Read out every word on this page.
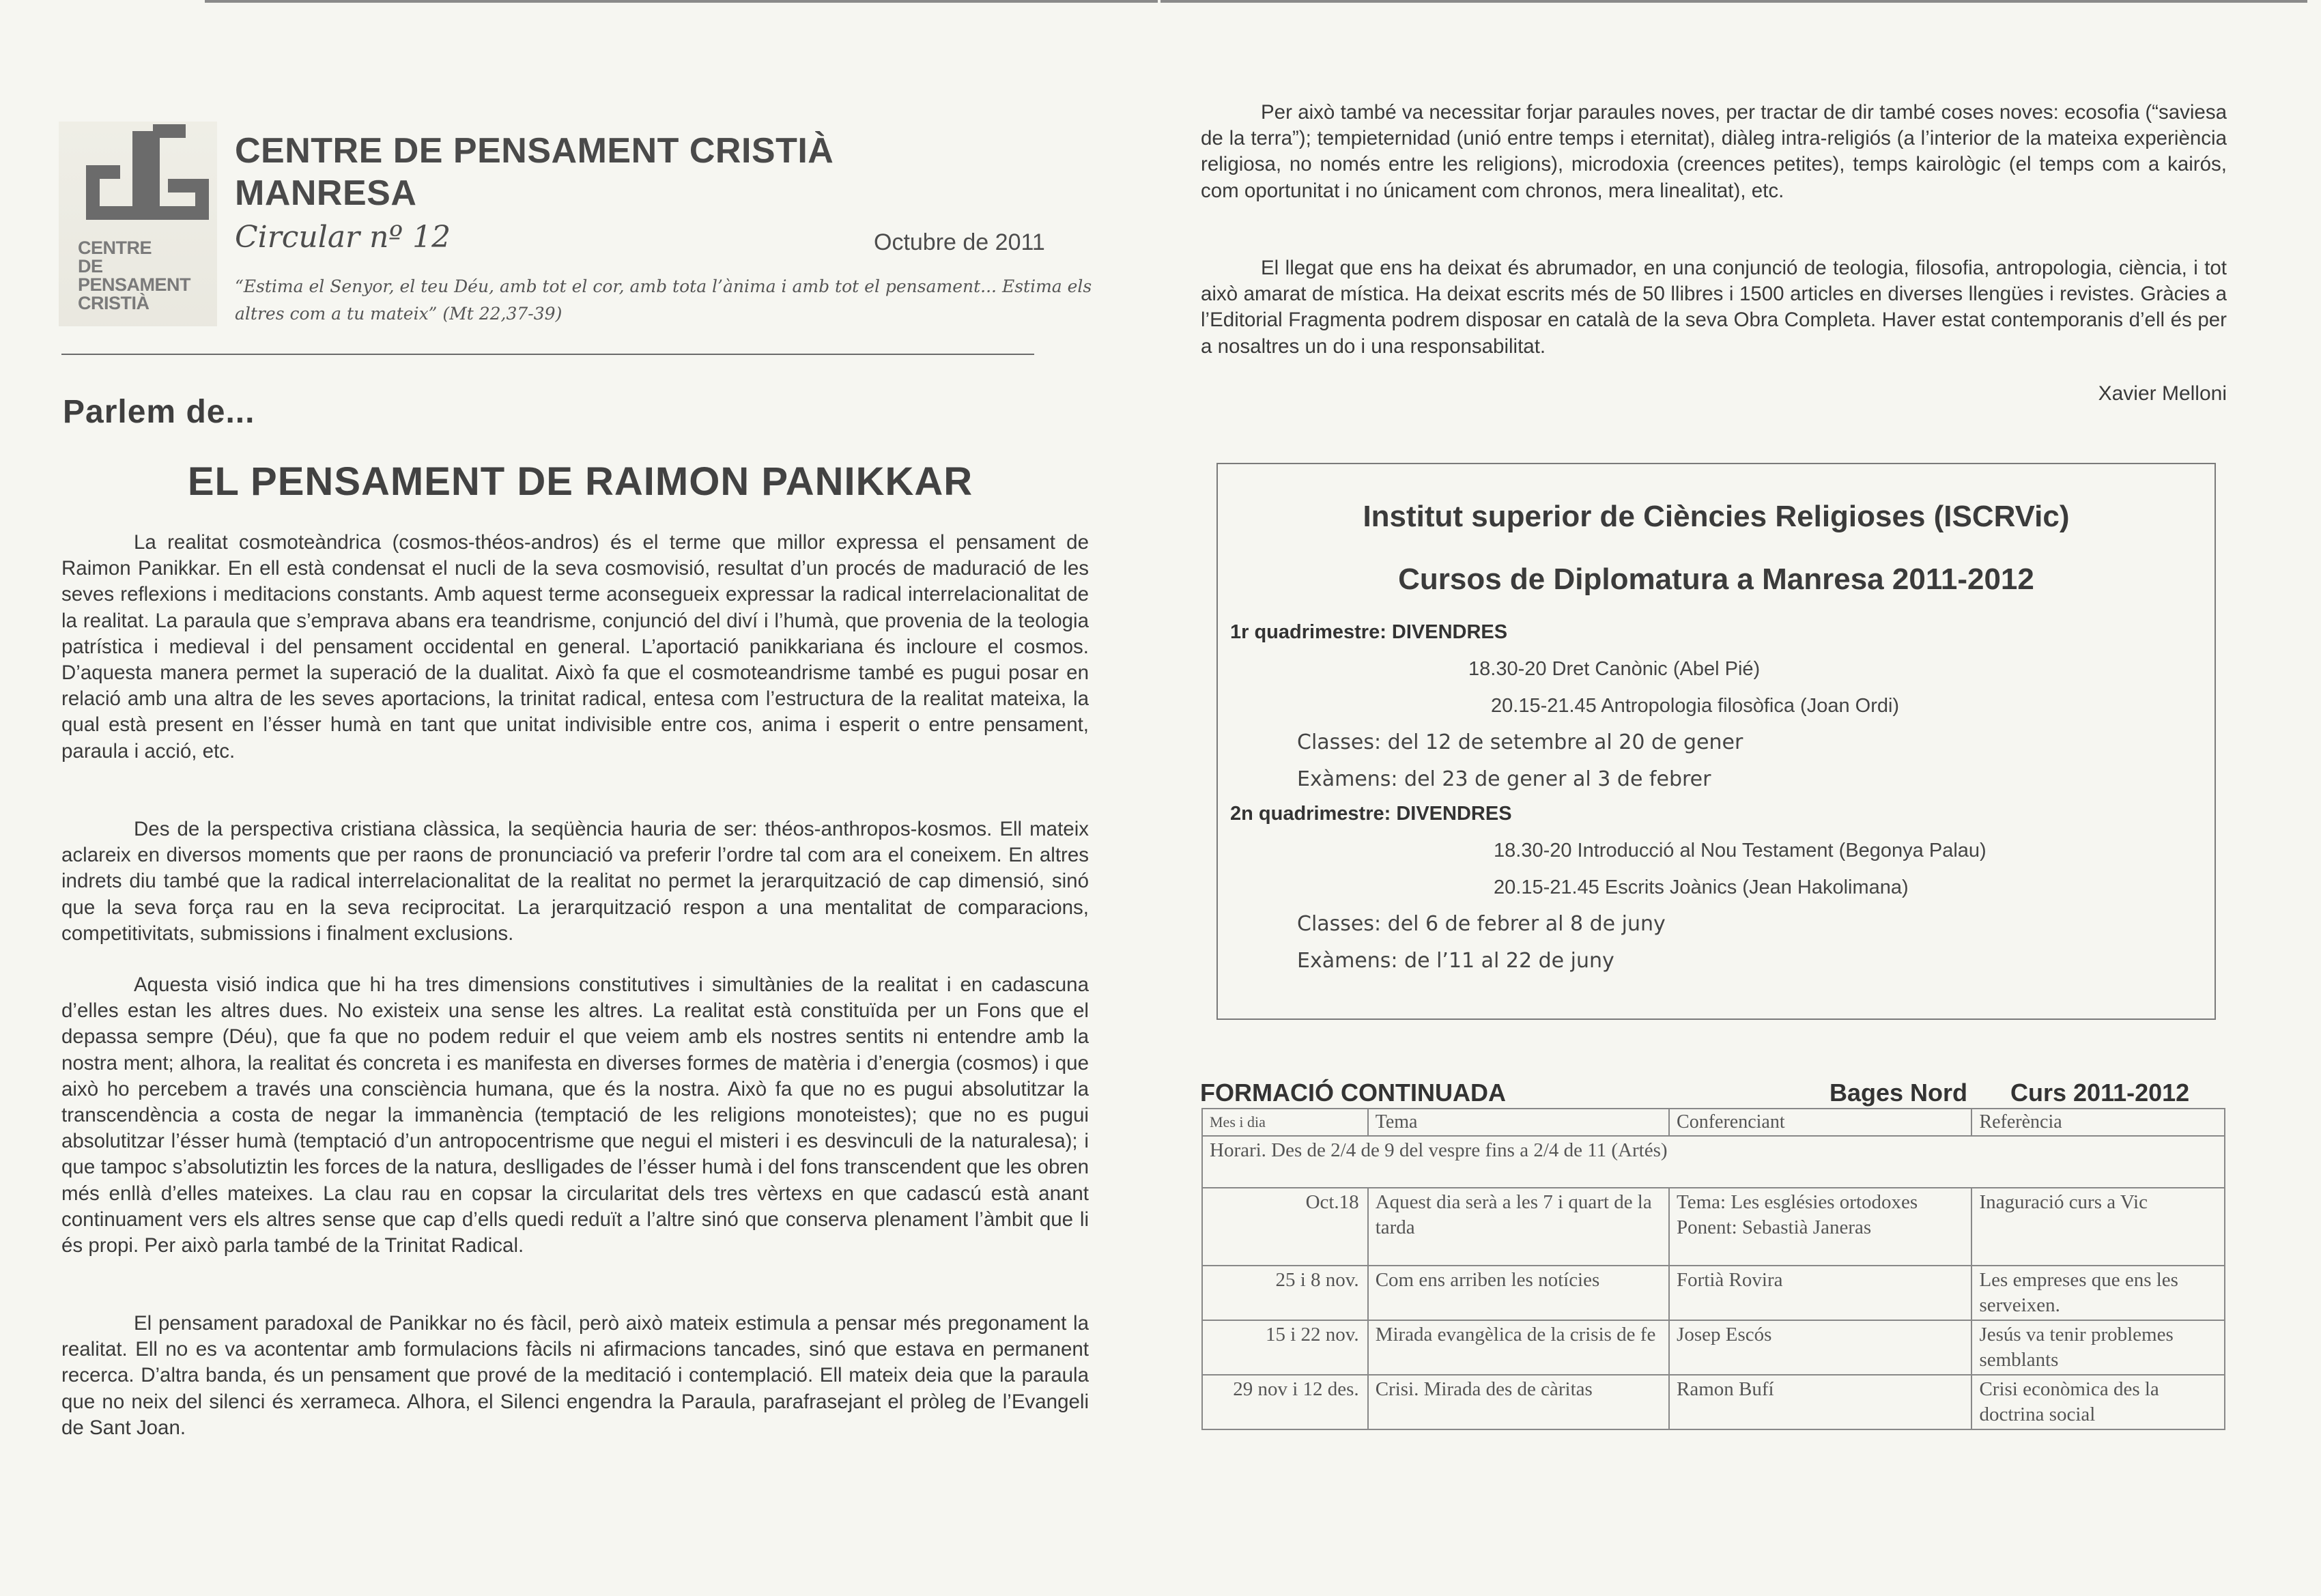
CENTRE
DE
PENSAMENT
CRISTIÀ
CENTRE DE PENSAMENT CRISTIÀ
MANRESA
Circular nº 12	Octubre de 2011
“Estima el Senyor, el teu Déu, amb tot el cor, amb tota l’ànima i amb tot el pensament... Estima els altres com a tu mateix” (Mt 22,37-39)
Parlem de...
EL PENSAMENT DE RAIMON PANIKKAR

La realitat cosmoteàndrica (cosmos-théos-andros) és el terme que millor expressa el pensament de Raimon Panikkar. En ell està condensat el nucli de la seva cosmovisió, resultat d’un procés de maduració de les seves reflexions i meditacions constants. Amb aquest terme aconsegueix expressar la radical interrelacionalitat de la realitat. La paraula que s’emprava abans era teandrisme, conjunció del diví i l’humà, que provenia de la teologia patrística i medieval i del pensament occidental en general. L’aportació panikkariana és incloure el cosmos. D’aquesta manera permet la superació de la dualitat. Això fa que el cosmoteandrisme també es pugui posar en relació amb una altra de les seves aportacions, la trinitat radical, entesa com l’estructura de la realitat mateixa, la qual està present en l’ésser humà en tant que unitat indivisible entre cos, anima i esperit o entre pensament, paraula i acció, etc.

Des de la perspectiva cristiana clàssica, la seqüència hauria de ser: théos-anthropos-kosmos. Ell mateix aclareix en diversos moments que per raons de pronunciació va preferir l’ordre tal com ara el coneixem. En altres indrets diu també que la radical interrelacionalitat de la realitat no permet la jerarquització de cap dimensió, sinó que la seva força rau en la seva reciprocitat. La jerarquització respon a una mentalitat de comparacions, competitivitats, submissions i finalment exclusions.

Aquesta visió indica que hi ha tres dimensions constitutives i simultànies de la realitat i en cadascuna d’elles estan les altres dues. No existeix una sense les altres. La realitat està constituïda per un Fons que el depassa sempre (Déu), que fa que no podem reduir el que veiem amb els nostres sentits ni entendre amb la nostra ment; alhora, la realitat és concreta i es manifesta en diverses formes de matèria i d’energia (cosmos) i que això ho percebem a través una consciència humana, que és la nostra. Això fa que no es pugui absolutitzar la transcendència a costa de negar la immanència (temptació de les religions monoteistes); que no es pugui absolutitzar l’ésser humà (temptació d’un antropocentrisme que negui el misteri i es desvinculi de la naturalesa); i que tampoc s’absolutiztin les forces de la natura, deslligades de l’ésser humà i del fons transcendent que les obren més enllà d’elles mateixes. La clau rau en copsar la circularitat dels tres vèrtexs en que cadascú està anant continuament vers els altres sense que cap d’ells quedi reduït a l’altre sinó que conserva plenament l’àmbit que li és propi. Per això parla també de la Trinitat Radical.

El pensament paradoxal de Panikkar no és fàcil, però això mateix estimula a pensar més pregonament la realitat. Ell no es va acontentar amb formulacions fàcils ni afirmacions tancades, sinó que estava en permanent recerca. D’altra banda, és un pensament que prové de la meditació i contemplació. Ell mateix deia que la paraula que no neix del silenci és xerrameca. Alhora, el Silenci engendra la Paraula, parafrasejant el pròleg de l’Evangeli de Sant Joan.

Per això també va necessitar forjar paraules noves, per tractar de dir també coses noves: ecosofia (“saviesa de la terra”); tempieternidad (unió entre temps i eternitat), diàleg intra-religiós (a l’interior de la mateixa experiència religiosa, no només entre les religions), microdoxia (creences petites), temps kairològic (el temps com a kairós, com oportunitat i no únicament com chronos, mera linealitat), etc.

El llegat que ens ha deixat és abrumador, en una conjunció de teologia, filosofia, antropologia, ciència, i tot això amarat de mística. Ha deixat escrits més de 50 llibres i 1500 articles en diverses llengües i revistes. Gràcies a l’Editorial Fragmenta podrem disposar en català de la seva Obra Completa. Haver estat contemporanis d’ell és per a nosaltres un do i una responsabilitat.

Xavier Melloni
Institut superior de Ciències Religioses (ISCRVic)
Cursos de Diplomatura a Manresa 2011-2012
1r quadrimestre: DIVENDRES
18.30-20 Dret Canònic (Abel Pié)
20.15-21.45 Antropologia filosòfica (Joan Ordi)
Classes: del 12 de setembre al 20 de gener
Exàmens: del 23 de gener al 3 de febrer
2n quadrimestre: DIVENDRES
18.30-20 Introducció al Nou Testament (Begonya Palau)
20.15-21.45 Escrits Joànics (Jean Hakolimana)
Classes: del 6 de febrer al 8 de juny
Exàmens: de l’11 al 22 de juny
FORMACIÓ CONTINUADA	Bages Nord Curs 2011-2012
Mes i dia	Tema	Conferenciant	Referència
Horari. Des de 2/4 de 9 del vespre fins a 2/4 de 11 (Artés)			
Oct.18	Aquest dia serà a les 7 i quart de la tarda	Tema: Les esglésies ortodoxes Ponent: Sebastià Janeras	Inaguració curs a Vic
25 i 8 nov.	Com ens arriben les notícies	Fortià Rovira	Les empreses que ens les serveixen.
15 i 22 nov.	Mirada evangèlica de la crisis de fe	Josep Escós	Jesús va tenir problemes semblants
29 nov i 12 des.	Crisi. Mirada des de càritas	Ramon Bufí	Crisi econòmica des la doctrina social
